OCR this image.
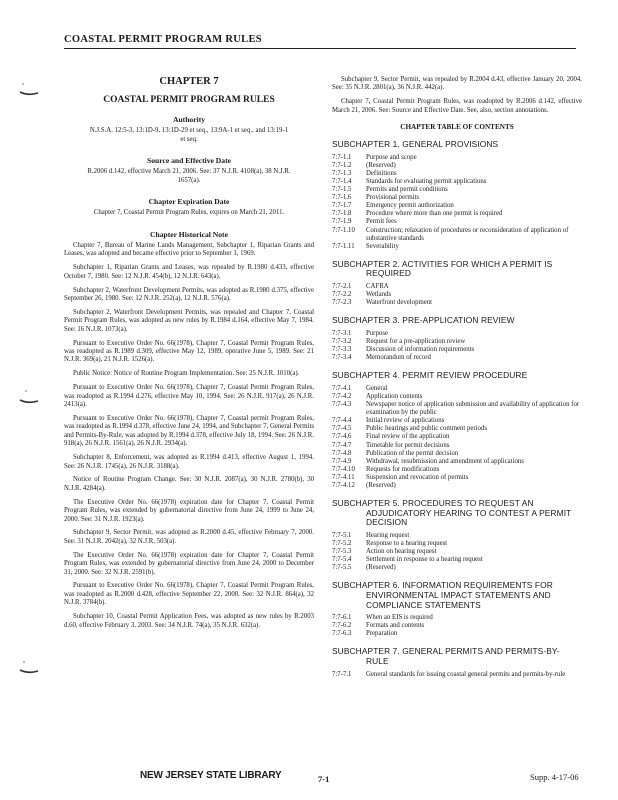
COASTAL PERMIT PROGRAM RULES
CHAPTER 7
COASTAL PERMIT PROGRAM RULES
Authority
N.J.S.A. 12:5-3, 13:1D-9, 13:1D-29 et seq., 13:9A-1 et seq., and 13:19-1 et seq.
Source and Effective Date
R.2006 d.142, effective March 21, 2006. See: 37 N.J.R. 4108(a), 38 N.J.R. 1657(a).
Chapter Expiration Date
Chapter 7, Coastal Permit Program Rules, expires on March 21, 2011.
Chapter Historical Note

Chapter 7, Bureau of Marine Lands Management, Subchapter 1, Riparian Grants and Leases, was adopted and became effective prior to September 1, 1969.

Subchapter 1, Riparian Grants and Leases, was repealed by R.1980 d.433, effective October 7, 1980. See: 12 N.J.R. 454(b), 12 N.J.R. 643(a).

Subchapter 2, Waterfront Development Permits, was adopted as R.1980 d.375, effective September 26, 1980. See: 12 N.J.R. 252(a), 12 N.J.R. 576(a).

Subchapter 2, Waterfront Development Permits, was repealed and Chapter 7, Coastal Permit Program Rules, was adopted as new rules by R.1984 d.164, effective May 7, 1984. See: 16 N.J.R. 1073(a).

Pursuant to Executive Order No. 66(1978), Chapter 7, Coastal Permit Program Rules, was readopted as R.1989 d.309, effective May 12, 1989, operative June 5, 1989. See: 21 N.J.R. 369(a), 21 N.J.R. 1526(a).

Public Notice: Notice of Routine Program Implementation. See: 25 N.J.R. 1010(a).

Pursuant to Executive Order No. 66(1978), Chapter 7, Coastal Permit Program Rules, was readopted as R.1994 d.276, effective May 10, 1994. See: 26 N.J.R. 917(a), 26 N.J.R. 2413(a).

Pursuant to Executive Order No. 66(1978), Chapter 7, Coastal permit Program Rules, was readopted as R.1994 d.378, effective June 24, 1994, and Subchapter 7, General Permits and Permits-By-Rule, was adopted by R.1994 d.378, effective July 18, 1994. See: 26 N.J.R. 918(a), 26 N.J.R. 1561(a), 26 N.J.R. 2934(a).

Subchapter 8, Enforcement, was adopted as R.1994 d.413, effective August 1, 1994. See: 26 N.J.R. 1745(a), 26 N.J.R. 3188(a).

Notice of Routine Program Change. See: 30 N.J.R. 2087(a), 30 N.J.R. 2780(b), 30 N.J.R. 4284(a).

The Executive Order No. 66(1978) expiration date for Chapter 7, Coastal Permit Program Rules, was extended by gubernatorial directive from June 24, 1999 to June 24, 2000. See: 31 N.J.R. 1923(a).

Subchapter 9, Sector Permit, was adopted as R.2000 d.45, effective February 7, 2000. See: 31 N.J.R. 2042(a), 32 N.J.R. 503(a).

The Executive Order No. 66(1978) expiration date for Chapter 7, Coastal Permit Program Rules, was extended by gubernatorial directive from June 24, 2000 to December 31, 2000. See: 32 N.J.R. 2591(b).

Pursuant to Executive Order No. 66(1978), Chapter 7, Coastal Permit Program Rules, was readopted as R.2000 d.428, effective September 22, 2000. See: 32 N.J.R. 864(a), 32 N.J.R. 3784(b).

Subchapter 10, Coastal Permit Application Fees, was adopted as new rules by R.2003 d.60, effective February 3, 2003. See: 34 N.J.R. 74(a), 35 N.J.R. 632(a).

Subchapter 9, Sector Permit, was repealed by R.2004 d.43, effective January 20, 2004. See: 35 N.J.R. 2801(a), 36 N.J.R. 442(a).

Chapter 7, Coastal Permit Program Rules, was readopted by R.2006 d.142, effective March 21, 2006. See: Source and Effective Date. See, also, section annotations.

CHAPTER TABLE OF CONTENTS
SUBCHAPTER 1. GENERAL PROVISIONS
7:7-1.1	Purpose and scope
7:7-1.2	(Reserved)
7:7-1.3	Definitions
7:7-1.4	Standards for evaluating permit applications
7:7-1.5	Permits and permit conditions
7:7-1.6	Provisional permits
7:7-1.7	Emergency permit authorization
7:7-1.8	Procedure where more than one permit is required
7:7-1.9	Permit fees
7:7-1.10	Construction; relaxation of procedures or reconsideration of application of substantive standards
7:7-1.11	Severability
SUBCHAPTER 2. ACTIVITIES FOR WHICH A PERMIT IS
REQUIRED
7:7-2.1	CAFRA
7:7-2.2	Wetlands
7:7-2.3	Waterfront development
SUBCHAPTER 3. PRE-APPLICATION REVIEW
7:7-3.1	Purpose
7:7-3.2	Request for a pre-application review
7:7-3.3	Discussion of information requirements
7:7-3.4	Memorandum of record
SUBCHAPTER 4. PERMIT REVIEW PROCEDURE
7:7-4.1	General
7:7-4.2	Application contents
7:7-4.3	Newspaper notice of application submission and availability of application for examination by the public
7:7-4.4	Initial review of applications
7:7-4.5	Public hearings and public comment periods
7:7-4.6	Final review of the application
7:7-4.7	Timetable for permit decisions
7:7-4.8	Publication of the permit decision
7:7-4.9	Withdrawal, resubmission and amendment of applications
7:7-4.10	Requests for modifications
7:7-4.11	Suspension and revocation of permits
7:7-4.12	(Reserved)
SUBCHAPTER 5. PROCEDURES TO REQUEST AN
ADJUDICATORY HEARING TO CONTEST A PERMIT DECISION
7:7-5.1	Hearing request
7:7-5.2	Response to a hearing request
7:7-5.3	Action on hearing request
7:7-5.4	Settlement in response to a hearing request
7:7-5.5	(Reserved)
SUBCHAPTER 6. INFORMATION REQUIREMENTS FOR
ENVIRONMENTAL IMPACT STATEMENTS AND COMPLIANCE STATEMENTS
7:7-6.1	When an EIS is required
7:7-6.2	Formats and contents
7:7-6.3	Preparation
SUBCHAPTER 7. GENERAL PERMITS AND PERMITS-BY-
RULE
7:7-7.1	General standards for issuing coastal general permits and permits-by-rule
NEW JERSEY STATE LIBRARY	7-1	Supp. 4-17-06
